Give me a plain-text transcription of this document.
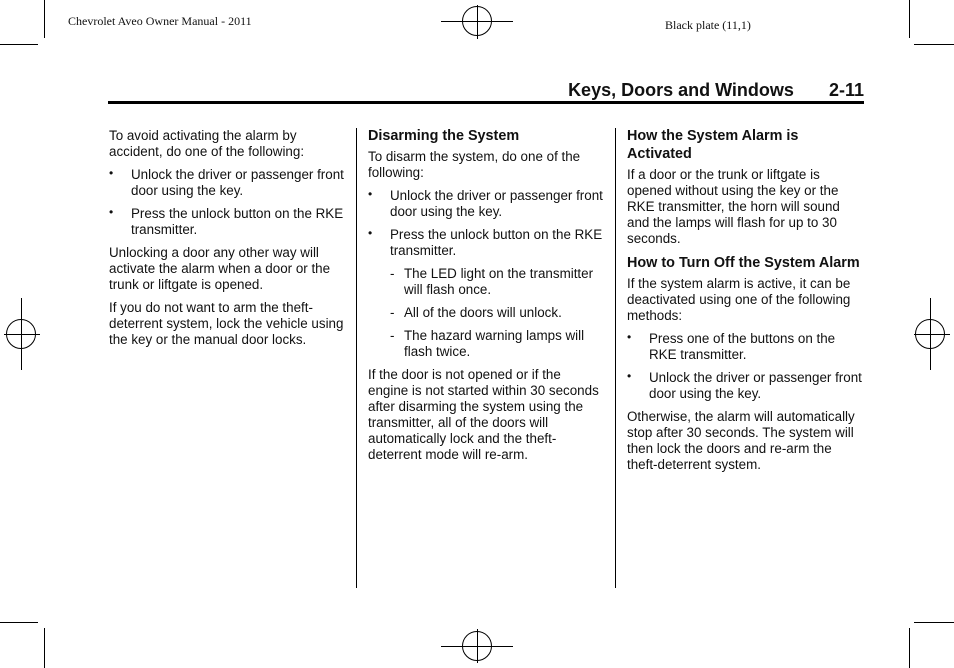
Chevrolet Aveo Owner Manual - 2011	Black plate (11,1)
Keys, Doors and Windows 2-11

To avoid activating the alarm by accident, do one of the following:

• Unlock the driver or passenger front door using the key.
• Press the unlock button on the RKE transmitter.

Unlocking a door any other way will activate the alarm when a door or the trunk or liftgate is opened.

If you do not want to arm the theft-deterrent system, lock the vehicle using the key or the manual door locks.

Disarming the System

To disarm the system, do one of the following:

• Unlock the driver or passenger front door using the key.
• Press the unlock button on the RKE transmitter.
- The LED light on the transmitter will flash once.
- All of the doors will unlock.
- The hazard warning lamps will flash twice.

If the door is not opened or if the engine is not started within 30 seconds after disarming the system using the transmitter, all of the doors will automatically lock and the theft-deterrent mode will re-arm.

How the System Alarm is Activated

If a door or the trunk or liftgate is opened without using the key or the RKE transmitter, the horn will sound and the lamps will flash for up to 30 seconds.

How to Turn Off the System Alarm

If the system alarm is active, it can be deactivated using one of the following methods:

• Press one of the buttons on the RKE transmitter.
• Unlock the driver or passenger front door using the key.

Otherwise, the alarm will automatically stop after 30 seconds. The system will then lock the doors and re-arm the theft-deterrent system.
